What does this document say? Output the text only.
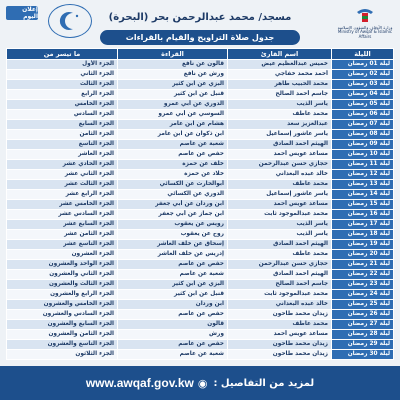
إعلان اليوم	مسجد/ محمد عبدالرحمن بحر (البحرة)
وزارة الأوقاف والشؤون الإسلامية
Ministry of Awqaf & Islamic Affairs
جدول صلاة التراويح والقيام بالقراءات
الليلة	اسم القارئ	القراءة	ما تيسر من
ليلة 01 رمضان	خميس عبدالعظيم عيض	قالون عن نافع	الجزء الأول
ليلة 02 رمضان	أحمد محمد خفاجي	ورش عن نافع	الجزء الثاني
ليلة 03 رمضان	محمد الحبيب طاهر	البزي عن ابن كثير	الجزء الثالث
ليلة 04 رمضان	جاسم أحمد الصالح	قنبل عن ابن كثير	الجزء الرابع
ليلة 05 رمضان	ياسر الذيب	الدوري عن أبي عمرو	الجزء الخامس
ليلة 06 رمضان	محمد عاطف	السوسي عن أبي عمرو	الجزء السادس
ليلة 07 رمضان	عبدالعزيز سعد	هشام عن ابن عامر	الجزء السابع
ليلة 08 رمضان	ياسر عاشور إسماعيل	ابن ذكوان عن ابن عامر	الجزء الثامن
ليلة 09 رمضان	الهيثم أحمد الصادق	شعبة عن عاصم	الجزء التاسع
ليلة 10 رمضان	مساعد عويس أحمد	حفص عن عاصم	الجزء العاشر
ليلة 11 رمضان	حجازي حسن عبدالرحمن	خلف عن حمزة	الجزء الحادي عشر
ليلة 12 رمضان	خالد عبده البعداني	خلاد عن حمزة	الجزء الثاني عشر
ليلة 13 رمضان	محمد عاطف	أبوالحارث عن الكسائي	الجزء الثالث عشر
ليلة 14 رمضان	ياسر عاشور إسماعيل	الدوري عن الكسائي	الجزء الرابع عشر
ليلة 15 رمضان	مساعد عويس أحمد	ابن وردان عن أبي جعفر	الجزء الخامس عشر
ليلة 16 رمضان	محمد عبدالموجود ثابت	ابن جماز عن أبي جعفر	الجزء السادس عشر
ليلة 17 رمضان	ياسر الذيب	رويس عن يعقوب	الجزء السابع عشر
ليلة 18 رمضان	ياسر الذيب	روح عن يعقوب	الجزء الثامن عشر
ليلة 19 رمضان	الهيثم أحمد الصادق	إسحاق عن خلف العاشر	الجزء التاسع عشر
ليلة 20 رمضان	محمد عاطف	إدريس عن خلف العاشر	الجزء العشرون
ليلة 21 رمضان	حجازي حسن عبدالرحمن	حفص عن عاصم	الجزء الواحد والعشرون
ليلة 22 رمضان	الهيثم أحمد الصادق	شعبة عن عاصم	الجزء الثاني والعشرون
ليلة 23 رمضان	جاسم أحمد الصالح	البزي عن ابن كثير	الجزء الثالث والعشرون
ليلة 24 رمضان	محمد عبدالموجود ثابت	قنبل عن ابن كثير	الجزء الرابع والعشرون
ليلة 25 رمضان	خالد عبده البعداني	ابن وردان	الجزء الخامس والعشرون
ليلة 26 رمضان	زيدان محمد طاحون	حفص عن عاصم	الجزء السادس والعشرون
ليلة 27 رمضان	محمد عاطف	قالون	الجزء السابع والعشرون
ليلة 28 رمضان	مساعد عويس أحمد	ورش	الجزء الثامن والعشرون
ليلة 29 رمضان	زيدان محمد طاحون	حفص عن عاصم	الجزء التاسع والعشرون
ليلة 30 رمضان	زيدان محمد طاحون	شعبة عن عاصم	الجزء الثلاثون
لمزيد من التفاصيل :
◉
www.awqaf.gov.kw
